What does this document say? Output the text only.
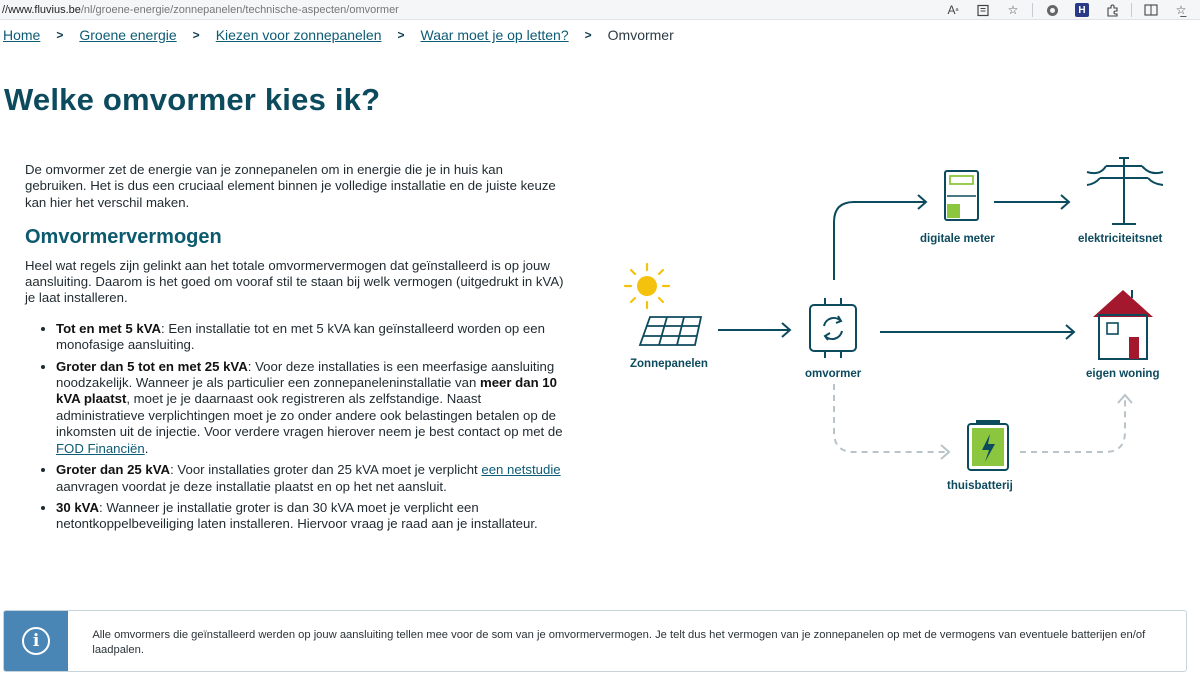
//www.fluvius.be/nl/groene-energie/zonnepanelen/technische-aspecten/omvormer	A ᵃ	☆	H	☆̲
Home > Groene energie > Kiezen voor zonnepanelen > Waar moet je op letten? > Omvormer
Welke omvormer kies ik?

De omvormer zet de energie van je zonnepanelen om in energie die je in huis kan gebruiken. Het is dus een cruciaal element binnen je volledige installatie en de juiste keuze kan hier het verschil maken.

Omvormervermogen

Heel wat regels zijn gelinkt aan het totale omvormervermogen dat geïnstalleerd is op jouw aansluiting. Daarom is het goed om vooraf stil te staan bij welk vermogen (uitgedrukt in kVA) je laat installeren.

• Tot en met 5 kVA: Een installatie tot en met 5 kVA kan geïnstalleerd worden op een monofasige aansluiting.
• Groter dan 5 tot en met 25 kVA: Voor deze installaties is een meerfasige aansluiting noodzakelijk. Wanneer je als particulier een zonnepaneleninstallatie van meer dan 10 kVA plaatst, moet je je daarnaast ook registreren als zelfstandige. Naast administratieve verplichtingen moet je zo onder andere ook belastingen betalen op de inkomsten uit de injectie. Voor verdere vragen hierover neem je best contact op met de FOD Financiën.
• Groter dan 25 kVA: Voor installaties groter dan 25 kVA moet je verplicht een netstudie aanvragen voordat je deze installatie plaatst en op het net aansluit.
• 30 kVA: Wanneer je installatie groter is dan 30 kVA moet je verplicht een netontkoppelbeveiliging laten installeren. Hiervoor vraag je raad aan je installateur.
Zonnepanelen
omvormer
digitale meter	elektriciteitsnet
eigen woning
thuisbatterij
i	Alle omvormers die geïnstalleerd werden op jouw aansluiting tellen mee voor de som van je omvormervermogen. Je telt dus het vermogen van je zonnepanelen op met de vermogens van eventuele batterijen en/of laadpalen.
